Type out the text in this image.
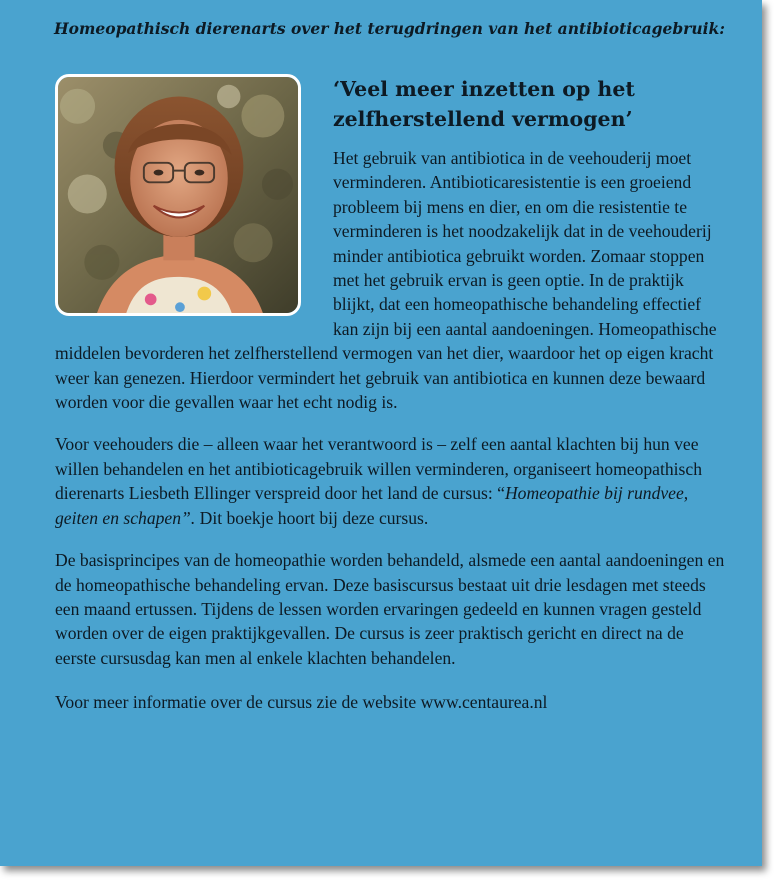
Homeopathisch dierenarts over het terugdringen van het antibioticagebruik:
‘Veel meer inzetten op het zelfherstellend vermogen’

Het gebruik van antibiotica in de veehouderij moet verminderen. Antibioticaresistentie is een groeiend probleem bij mens en dier, en om die resistentie te verminderen is het noodzakelijk dat in de veehouderij minder antibiotica gebruikt worden. Zomaar stoppen met het gebruik ervan is geen optie. In de praktijk blijkt, dat een homeopathische behandeling effectief kan zijn bij een aantal aandoeningen. Homeopathische middelen bevorderen het zelfherstellend vermogen van het dier, waardoor het op eigen kracht weer kan genezen. Hierdoor vermindert het gebruik van antibiotica en kunnen deze bewaard worden voor die gevallen waar het echt nodig is.

Voor veehouders die – alleen waar het verantwoord is – zelf een aantal klachten bij hun vee willen behandelen en het antibioticagebruik willen verminderen, organiseert homeopathisch dierenarts Liesbeth Ellinger verspreid door het land de cursus: “Homeopathie bij rundvee, geiten en schapen”. Dit boekje hoort bij deze cursus.

De basisprincipes van de homeopathie worden behandeld, alsmede een aantal aandoeningen en de homeopathische behandeling ervan. Deze basiscursus bestaat uit drie lesdagen met steeds een maand ertussen. Tijdens de lessen worden ervaringen gedeeld en kunnen vragen gesteld worden over de eigen praktijkgevallen. De cursus is zeer praktisch gericht en direct na de eerste cursusdag kan men al enkele klachten behandelen.

Voor meer informatie over de cursus zie de website www.centaurea.nl
